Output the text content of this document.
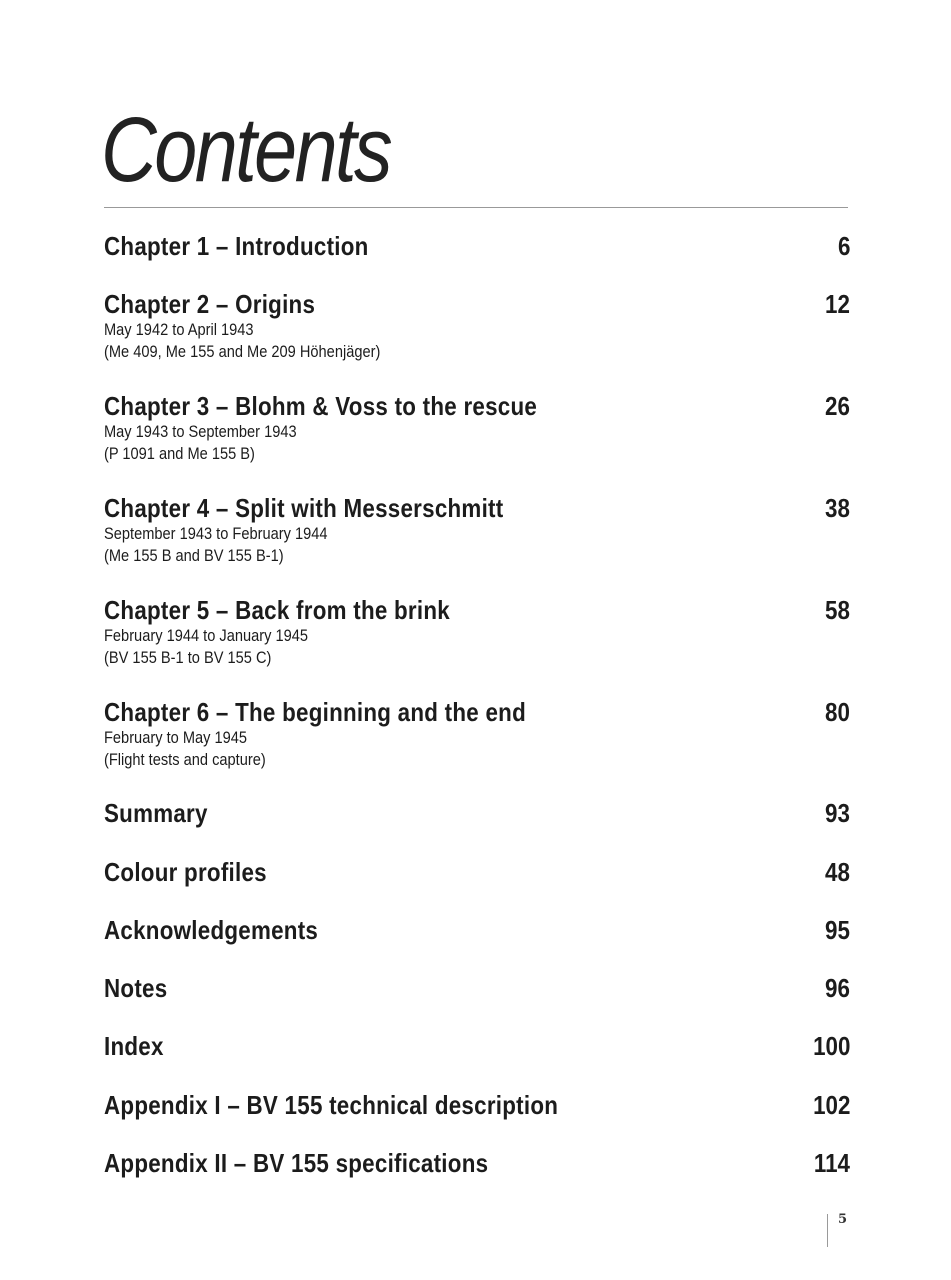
Contents
Chapter 1 – Introduction	6
Chapter 2 – Origins	12
May 1942 to April 1943
(Me 409, Me 155 and Me 209 Höhenjäger)
Chapter 3 – Blohm & Voss to the rescue	26
May 1943 to September 1943
(P 1091 and Me 155 B)
Chapter 4 – Split with Messerschmitt	38
September 1943 to February 1944
(Me 155 B and BV 155 B-1)
Chapter 5 – Back from the brink	58
February 1944 to January 1945
(BV 155 B-1 to BV 155 C)
Chapter 6 – The beginning and the end	80
February to May 1945
(Flight tests and capture)
Summary	93
Colour profiles	48
Acknowledgements	95
Notes	96
Index	100
Appendix I – BV 155 technical description	102
Appendix II – BV 155 specifications	114
5
